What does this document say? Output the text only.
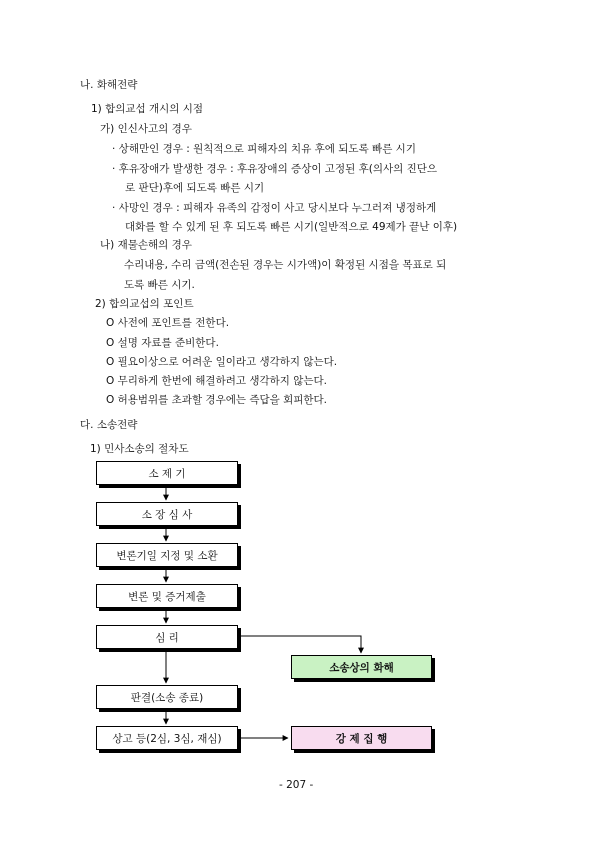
나. 화해전략
1) 합의교섭 개시의 시점
가) 인신사고의 경우
· 상해만인 경우 : 원칙적으로 피해자의 치유 후에 되도록 빠른 시기
· 후유장애가 발생한 경우 : 후유장애의 증상이 고정된 후(의사의 진단으
로 판단)후에 되도록 빠른 시기
· 사망인 경우 : 피해자 유족의 감정이 사고 당시보다 누그러져 냉정하게
대화를 할 수 있게 된 후 되도록 빠른 시기(일반적으로 49제가 끝난 이후)
나) 재물손해의 경우
수리내용, 수리 금액(전손된 경우는 시가액)이 확정된 시점을 목표로 되
도록 빠른 시기.
2) 합의교섭의 포인트
O 사전에 포인트를 전한다.
O 설명 자료를 준비한다.
O 필요이상으로 어려운 일이라고 생각하지 않는다.
O 무리하게 한번에 해결하려고 생각하지 않는다.
O 허용범위를 초과할 경우에는 즉답을 회피한다.
다. 소송전략
1) 민사소송의 절차도
소 제 기
소 장 심 사
변론기일 지정 및 소환
변론 및 증거제출
심 리
판결(소송 종료)
상고 등(2심, 3심, 재심)
소송상의 화해
강 제 집 행
- 207 -
